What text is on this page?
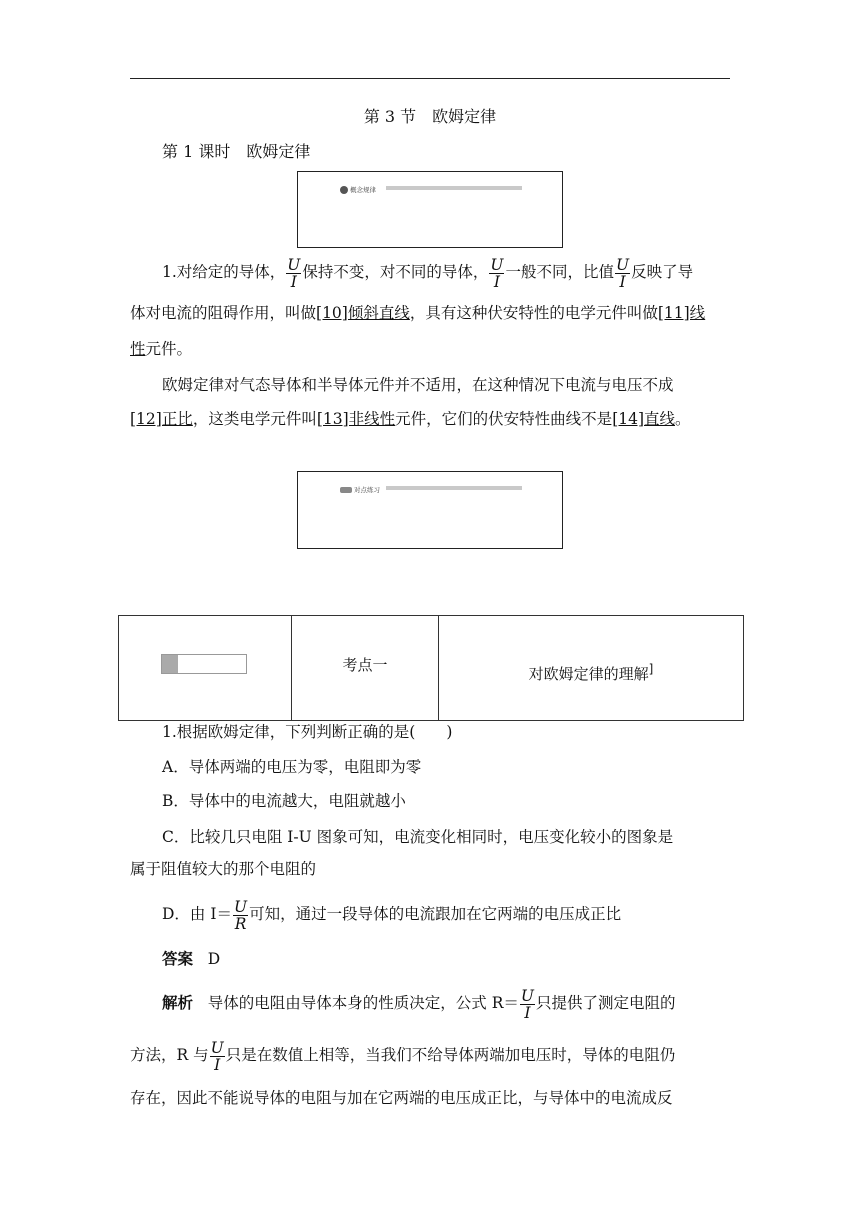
第 3 节　欧姆定律
第 1 课时　欧姆定律
概念规律
1.对给定的导体， $\frac{U}{I}$ 保持不变，对不同的导体， $\frac{U}{I}$ 一般不同，比值 $\frac{U}{I}$ 反映了导
体对电流的阻碍作用，叫做[10]倾斜直线，具有这种伏安特性的电学元件叫做[11]线
性元件。
欧姆定律对气态导体和半导体元件并不适用，在这种情况下电流与电压不成
[12]正比，这类电学元件叫[13]非线性元件，它们的伏安特性曲线不是[14]直线。
对点练习
考点一	对欧姆定律的理解]
1.根据欧姆定律，下列判断正确的是(　　)
A．导体两端的电压为零，电阻即为零
B．导体中的电流越大，电阻就越小
C．比较几只电阻 I-U 图象可知，电流变化相同时，电压变化较小的图象是
属于阻值较大的那个电阻的
D．由 $I= \frac{U}{R}$ 可知，通过一段导体的电流跟加在它两端的电压成正比
答案 D
解析 导体的电阻由导体本身的性质决定，公式 $R= \frac{U}{I}$ 只提供了测定电阻的
方法，R 与 $\frac{U}{I}$ 只是在数值上相等，当我们不给导体两端加电压时，导体的电阻仍
存在，因此不能说导体的电阻与加在它两端的电压成正比，与导体中的电流成反
